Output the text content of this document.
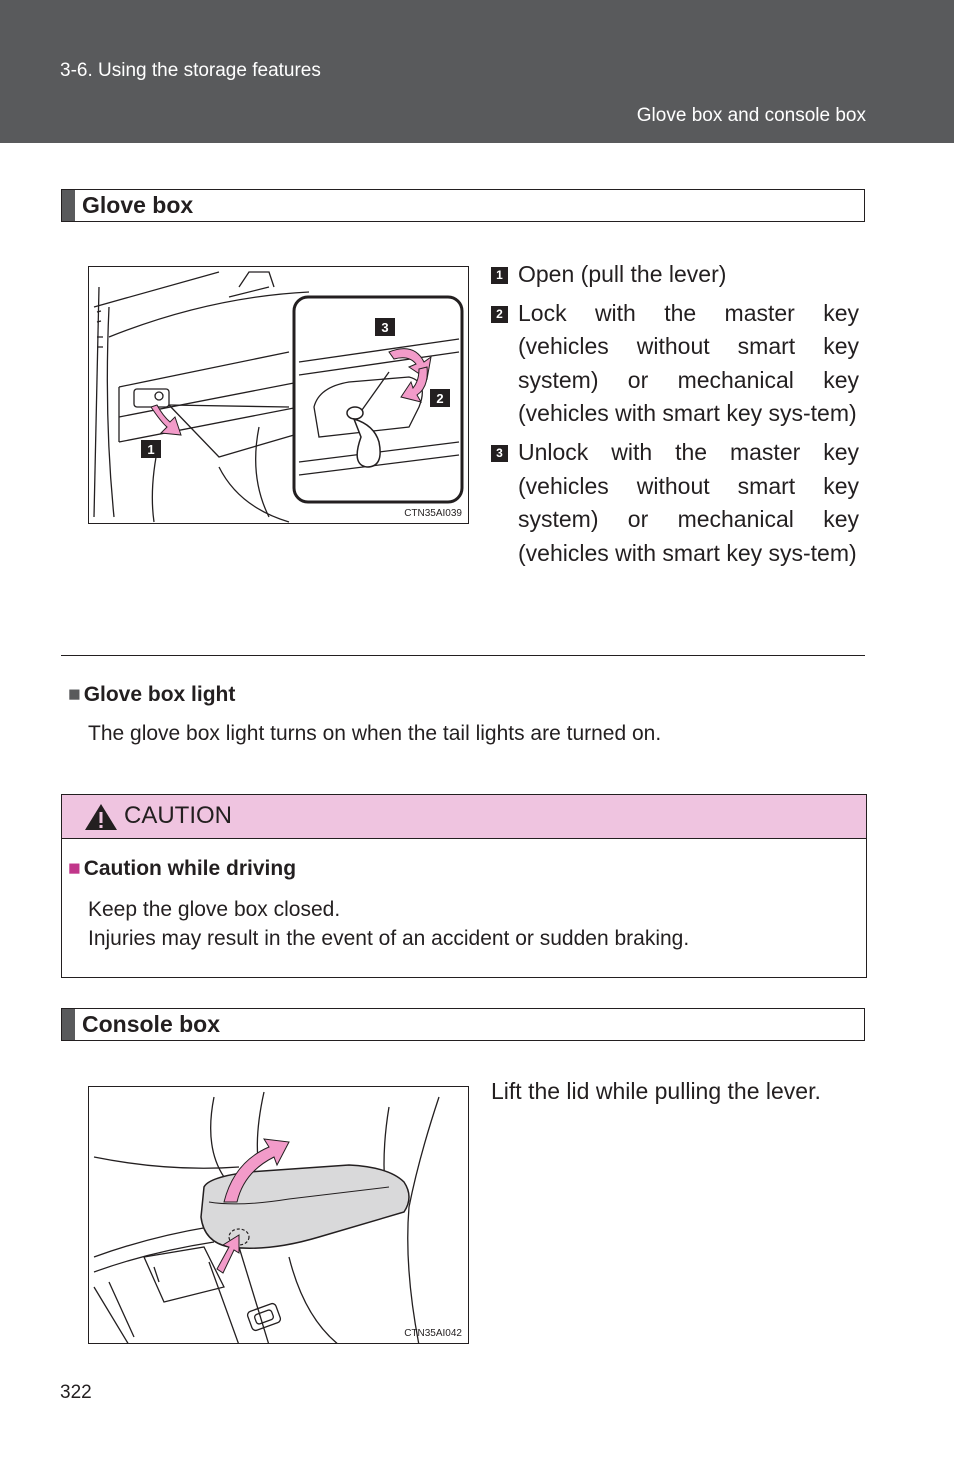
3-6. Using the storage features
Glove box and console box
Glove box
1
3
2
CTN35AI039
1 Open (pull the lever)
2 Lock with the master key (vehicles without smart key system) or mechanical key (vehicles with smart key sys-tem)
3 Unlock with the master key (vehicles without smart key system) or mechanical key (vehicles with smart key sys-tem)
■ Glove box light
The glove box light turns on when the tail lights are turned on.
CAUTION
■ Caution while driving
Keep the glove box closed.
Injuries may result in the event of an accident or sudden braking.
Console box
CTN35AI042
Lift the lid while pulling the lever.
322
